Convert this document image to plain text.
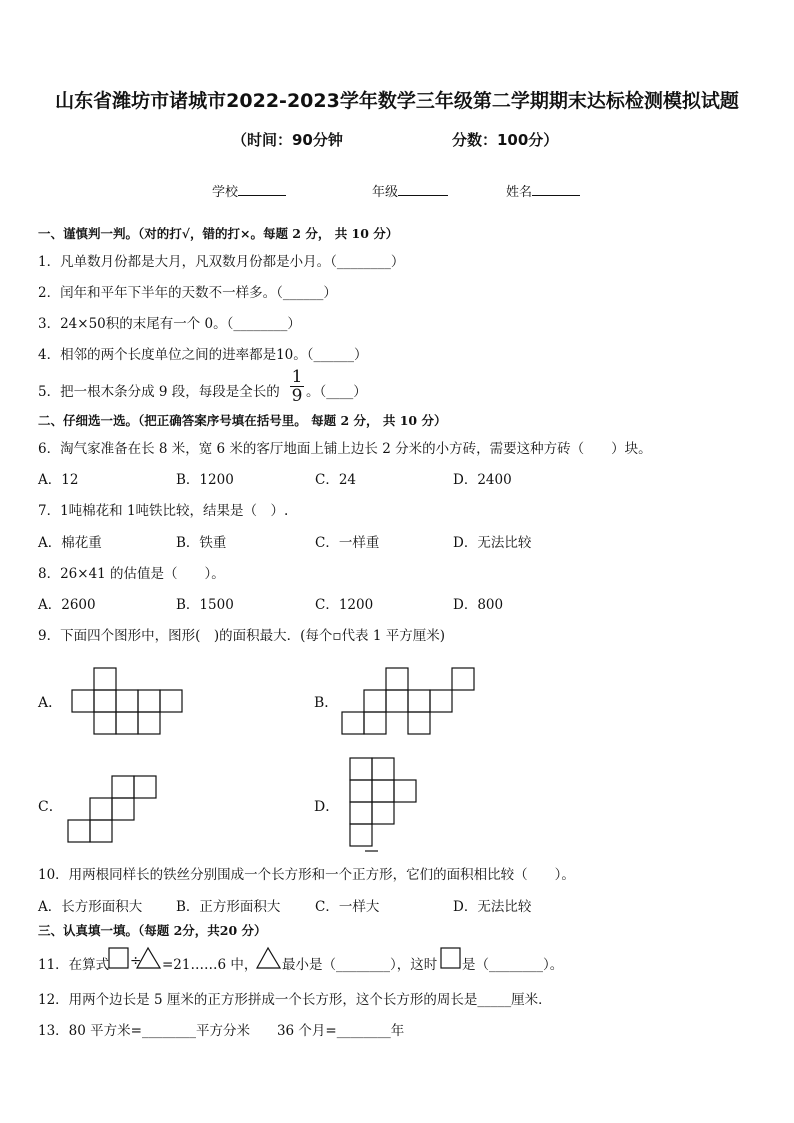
山东省潍坊市诸城市2022-2023学年数学三年级第二学期期末达标检测模拟试题
（时间：90分钟	分数：100分）
学校	年级	姓名
一、谨慎判一判。（对的打√，错的打×。每题 2 分， 共 10 分）
1．凡单数月份都是大月，凡双数月份都是小月。（________）
2．闰年和平年下半年的天数不一样多。（______）
3．24×50积的末尾有一个 0。（________）
4．相邻的两个长度单位之间的进率都是10。（______）
5．把一根木条分成 9 段，每段是全长的
1
9 。（____）
二、仔细选一选。（把正确答案序号填在括号里。 每题 2 分， 共 10 分）
6．淘气家准备在长 8 米，宽 6 米的客厅地面上铺上边长 2 分米的小方砖，需要这种方砖（　　）块。
A．12	B．1200	C．24	D．2400
7．1吨棉花和 1吨铁比较，结果是（　）.
A．棉花重	B．铁重	C．一样重	D．无法比较
8．26×41 的估值是（　　）。
A．2600	B．1500	C．1200	D．800
9．下面四个图形中，图形(　)的面积最大．(每个▫代表 1 平方厘米)
A．	B．
C．	D．
10．用两根同样长的铁丝分别围成一个长方形和一个正方形，它们的面积相比较（　　）。
A．长方形面积大	B．正方形面积大	C．一样大	D．无法比较
三、认真填一填。（每题 2分，共20 分）
11．在算式 ÷ =21……6 中， 最小是（________），这时 是（________）。
12．用两个边长是 5 厘米的正方形拼成一个长方形，这个长方形的周长是_____厘米．
13．80 平方米=________平方分米　　36 个月=________年
